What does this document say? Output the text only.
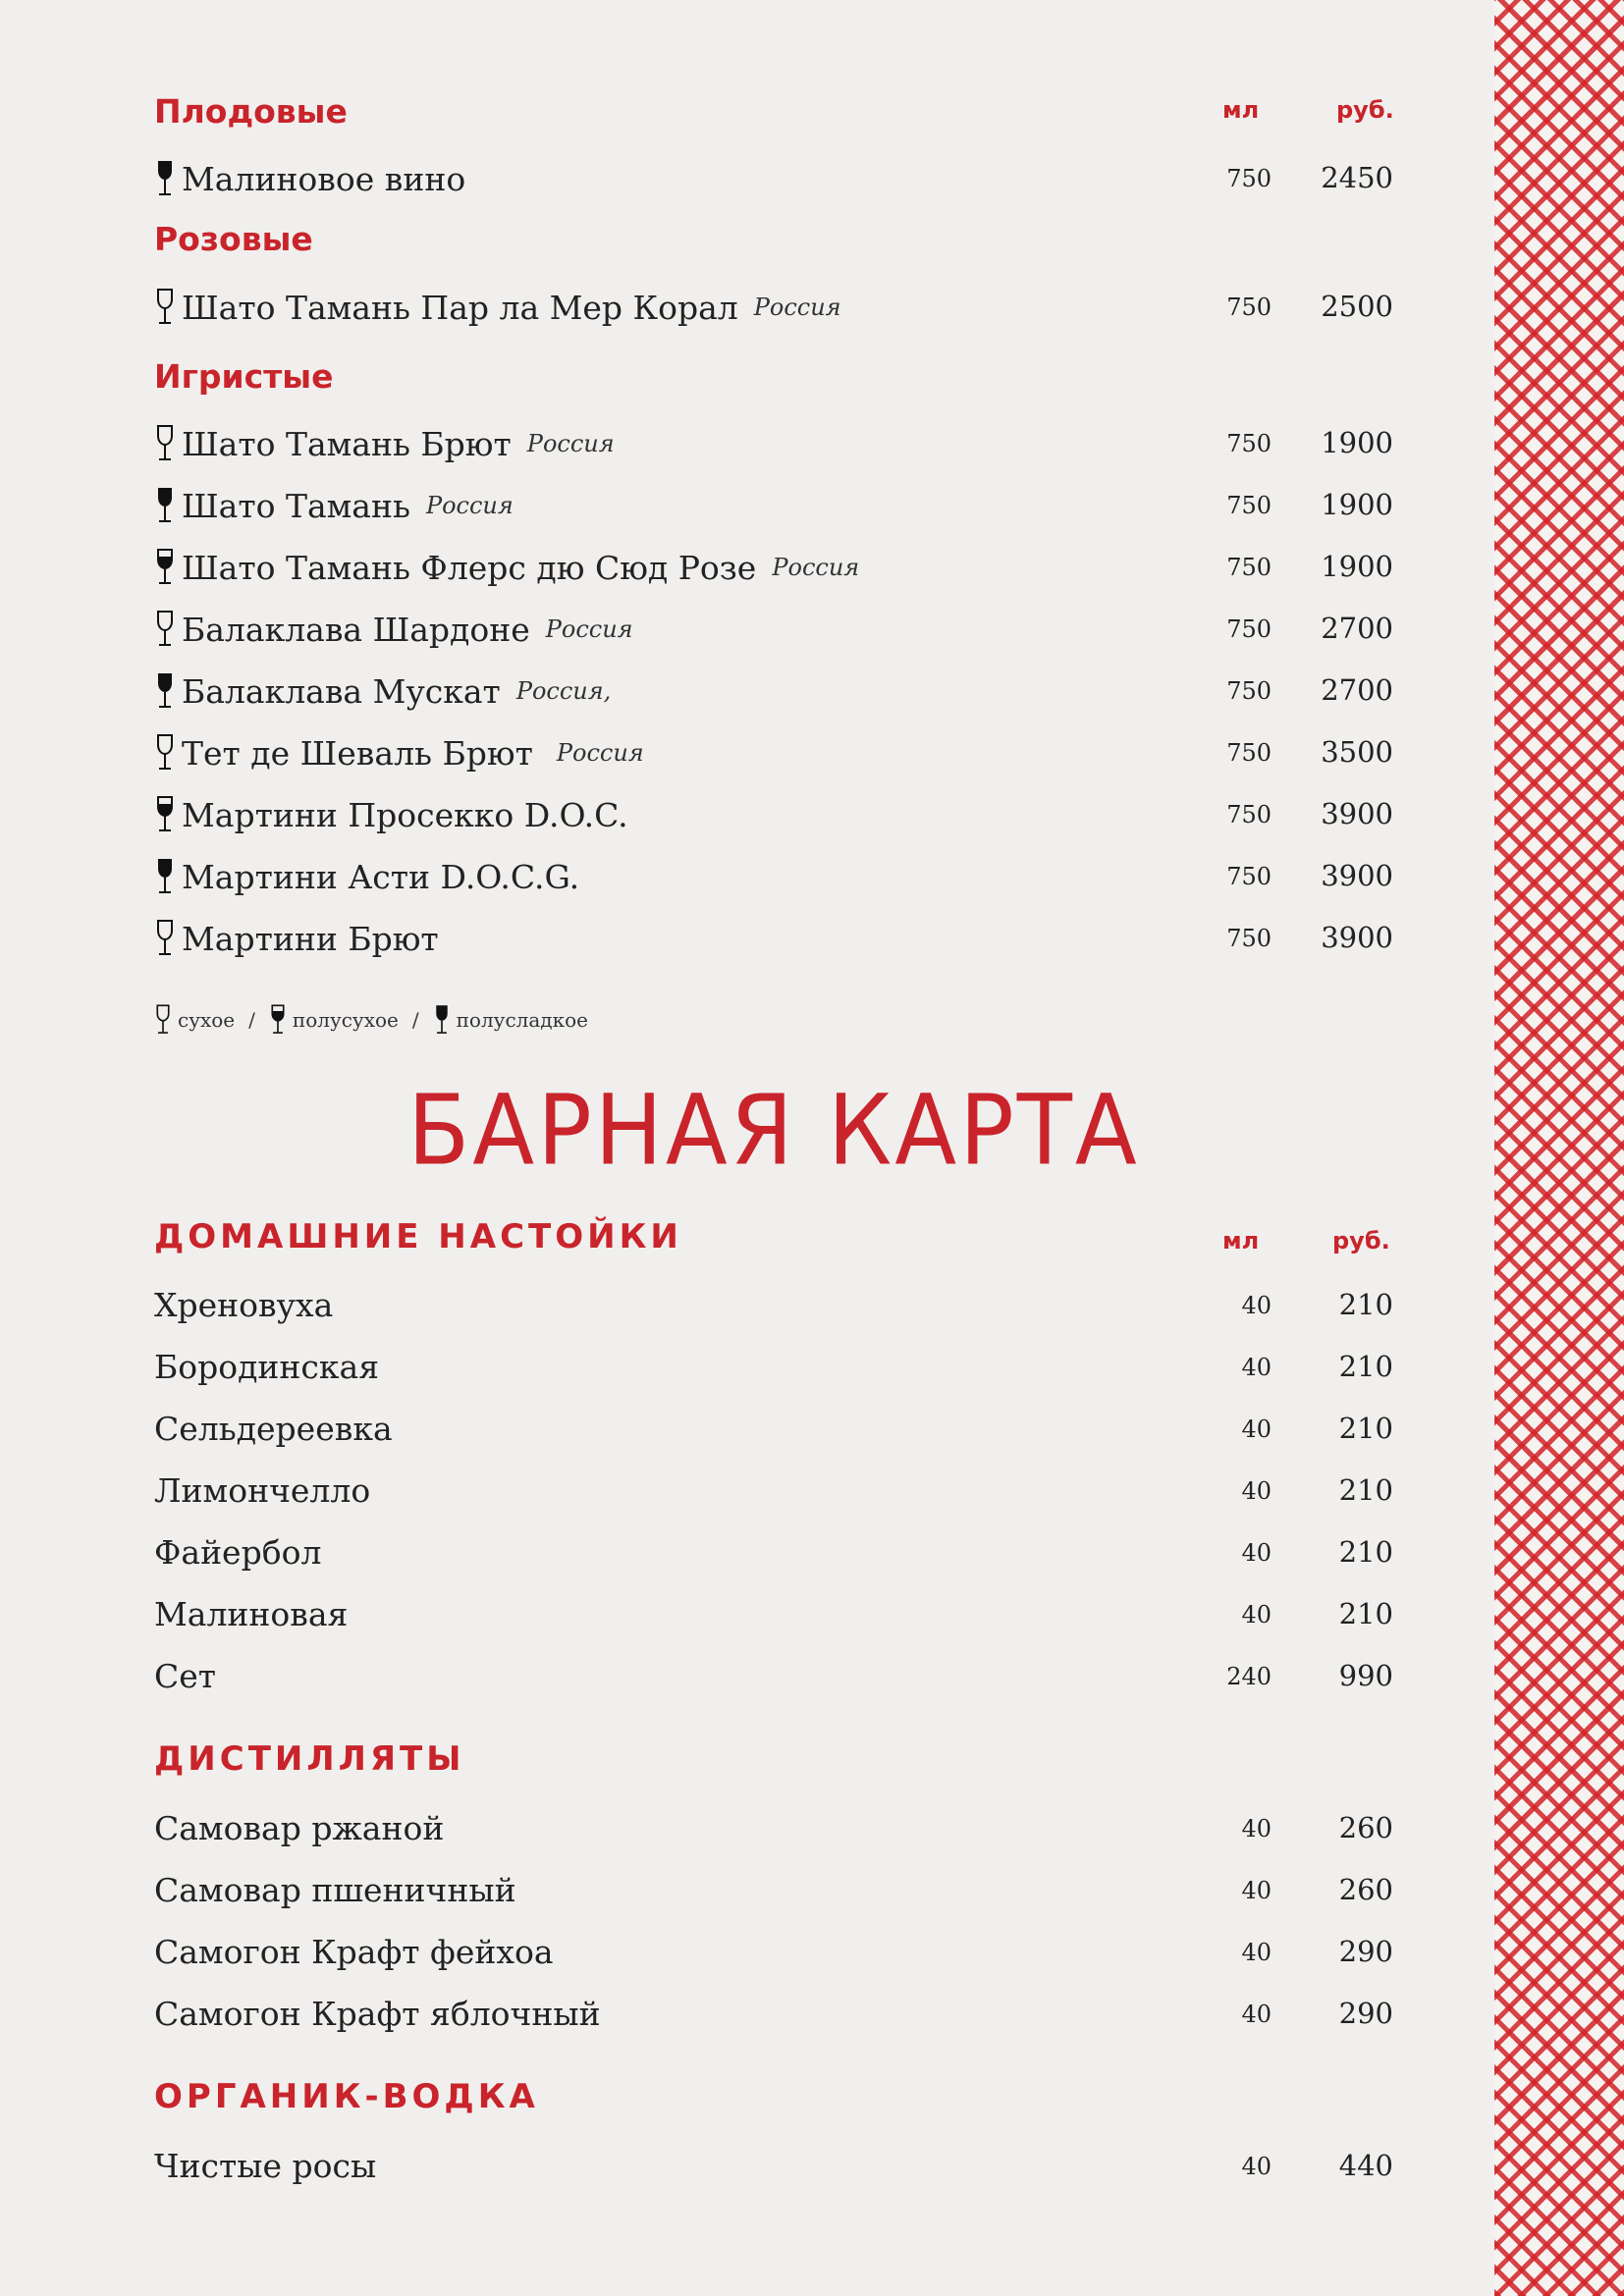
мл	руб.
Плодовые
Малиновое вино	750	2450
Розовые
Шато Тамань Пар ла Мер Корал Россия	750	2500
Игристые
Шато Тамань Брют Россия	750	1900
Шато Тамань Россия	750	1900
Шато Тамань Флерс дю Сюд Розе Россия	750	1900
Балаклава Шардоне Россия	750	2700
Балаклава Мускат Россия,	750	2700
Тет де Шеваль Брют Россия	750	3500
Мартини Просекко D.O.C.	750	3900
Мартини Асти D.O.C.G.	750	3900
Мартини Брют	750	3900
сухое / полусухое / полусладкое
БАРНАЯ КАРТА
мл	руб.
ДОМАШНИЕ НАСТОЙКИ
Хреновуха	40	210
Бородинская	40	210
Сельдереевка	40	210
Лимончелло	40	210
Файербол	40	210
Малиновая	40	210
Сет	240	990
ДИСТИЛЛЯТЫ
Самовар ржаной	40	260
Самовар пшеничный	40	260
Самогон Крафт фейхоа	40	290
Самогон Крафт яблочный	40	290
ОРГАНИК-ВОДКА
Чистые росы	40	440
